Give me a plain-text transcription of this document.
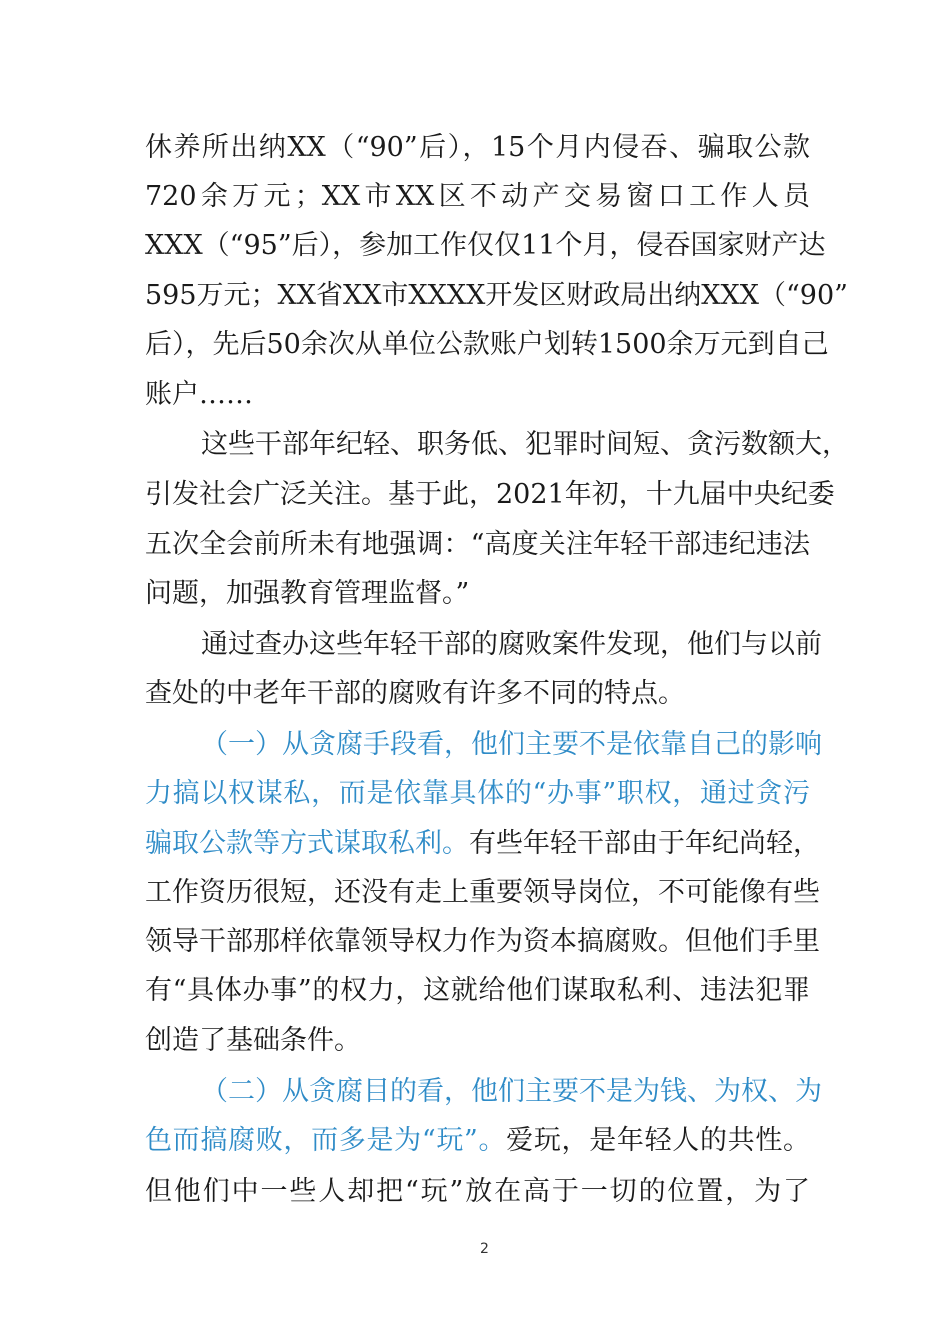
休养所出纳XX（“90”后），15个月内侵吞、骗取公款
720余万元；XX市XX区不动产交易窗口工作人员
XXX（“95”后），参加工作仅仅11个月，侵吞国家财产达
595万元；XX省XX市XXXX开发区财政局出纳XXX（“90”
后），先后50余次从单位公款账户划转1500余万元到自己
账户……
这些干部年纪轻、职务低、犯罪时间短、贪污数额大，
引发社会广泛关注。基于此，2021年初，十九届中央纪委
五次全会前所未有地强调：“高度关注年轻干部违纪违法
问题，加强教育管理监督。”
通过查办这些年轻干部的腐败案件发现，他们与以前
查处的中老年干部的腐败有许多不同的特点。
（一）从贪腐手段看，他们主要不是依靠自己的影响
力搞以权谋私，而是依靠具体的“办事”职权，通过贪污
骗取公款等方式谋取私利。有些年轻干部由于年纪尚轻，
工作资历很短，还没有走上重要领导岗位，不可能像有些
领导干部那样依靠领导权力作为资本搞腐败。但他们手里
有“具体办事”的权力，这就给他们谋取私利、违法犯罪
创造了基础条件。
（二）从贪腐目的看，他们主要不是为钱、为权、为
色而搞腐败，而多是为“玩”。爱玩，是年轻人的共性。
但他们中一些人却把“玩”放在高于一切的位置，为了
2
